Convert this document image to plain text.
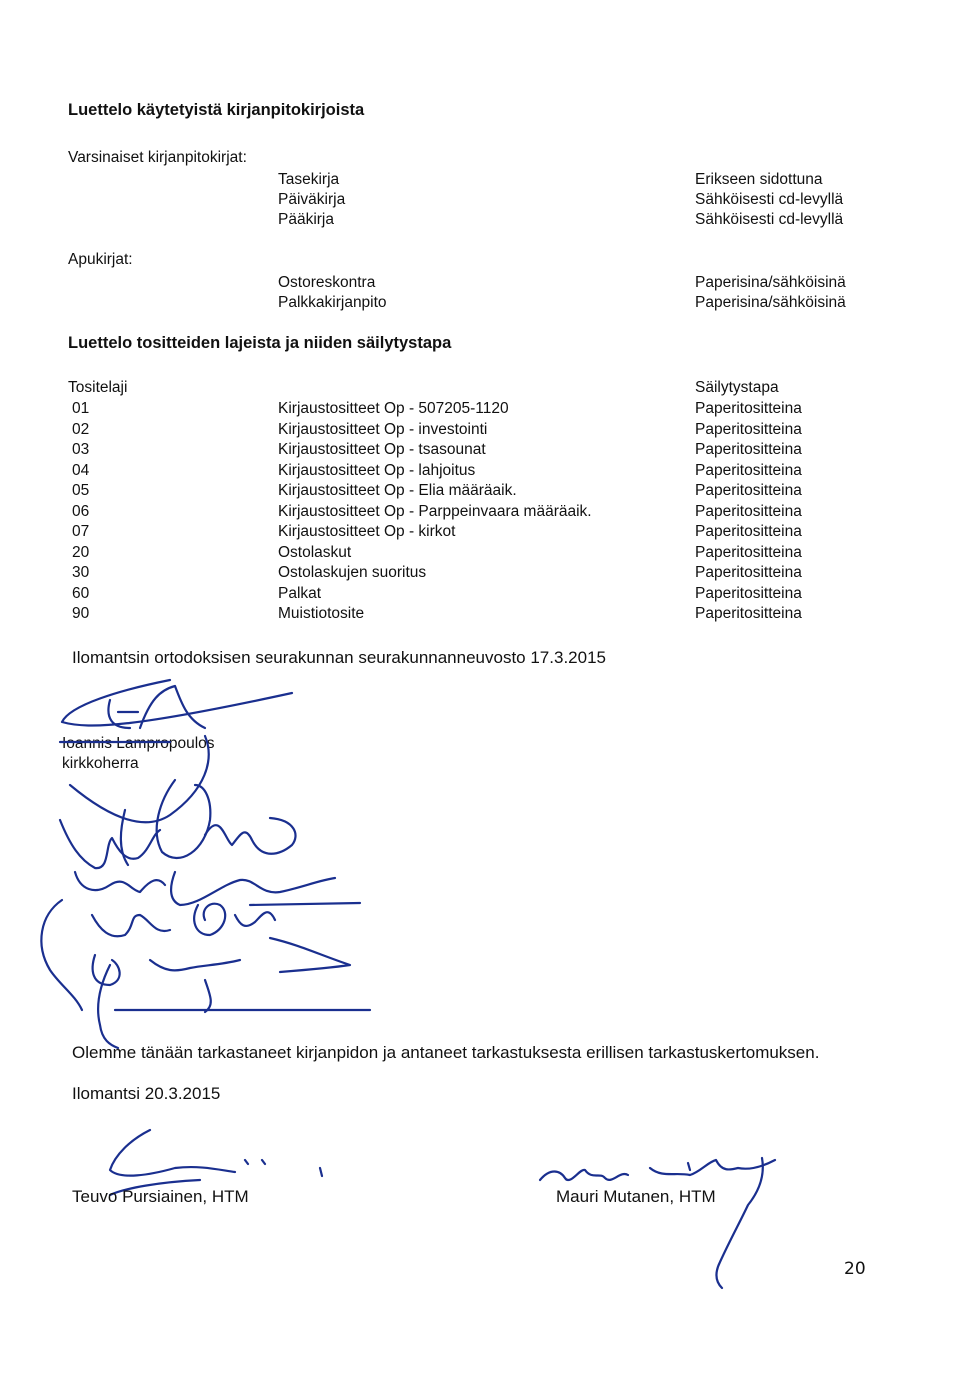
Luettelo käytetyistä kirjanpitokirjoista
Varsinaiset kirjanpitokirjat:
Tasekirja	Erikseen sidottuna
Päiväkirja	Sähköisesti cd-levyllä
Pääkirja	Sähköisesti cd-levyllä
Apukirjat:
Ostoreskontra	Paperisina/sähköisinä
Palkkakirjanpito	Paperisina/sähköisinä
Luettelo tositteiden lajeista ja niiden säilytystapa
Tositelaji	Säilytystapa
01	Kirjaustositteet Op - 507205-1120	Paperitositteina
02	Kirjaustositteet Op - investointi	Paperitositteina
03	Kirjaustositteet Op - tsasounat	Paperitositteina
04	Kirjaustositteet Op - lahjoitus	Paperitositteina
05	Kirjaustositteet Op - Elia määräaik.	Paperitositteina
06	Kirjaustositteet Op - Parppeinvaara määräaik.	Paperitositteina
07	Kirjaustositteet Op - kirkot	Paperitositteina
20	Ostolaskut	Paperitositteina
30	Ostolaskujen suoritus	Paperitositteina
60	Palkat	Paperitositteina
90	Muistiotosite	Paperitositteina
Ilomantsin ortodoksisen seurakunnan seurakunnanneuvosto 17.3.2015
Ioannis Lampropoulos
kirkkoherra
Olemme tänään tarkastaneet kirjanpidon ja antaneet tarkastuksesta erillisen tarkastuskertomuksen.
Ilomantsi 20.3.2015
Teuvo Pursiainen, HTM	Mauri Mutanen, HTM
20
